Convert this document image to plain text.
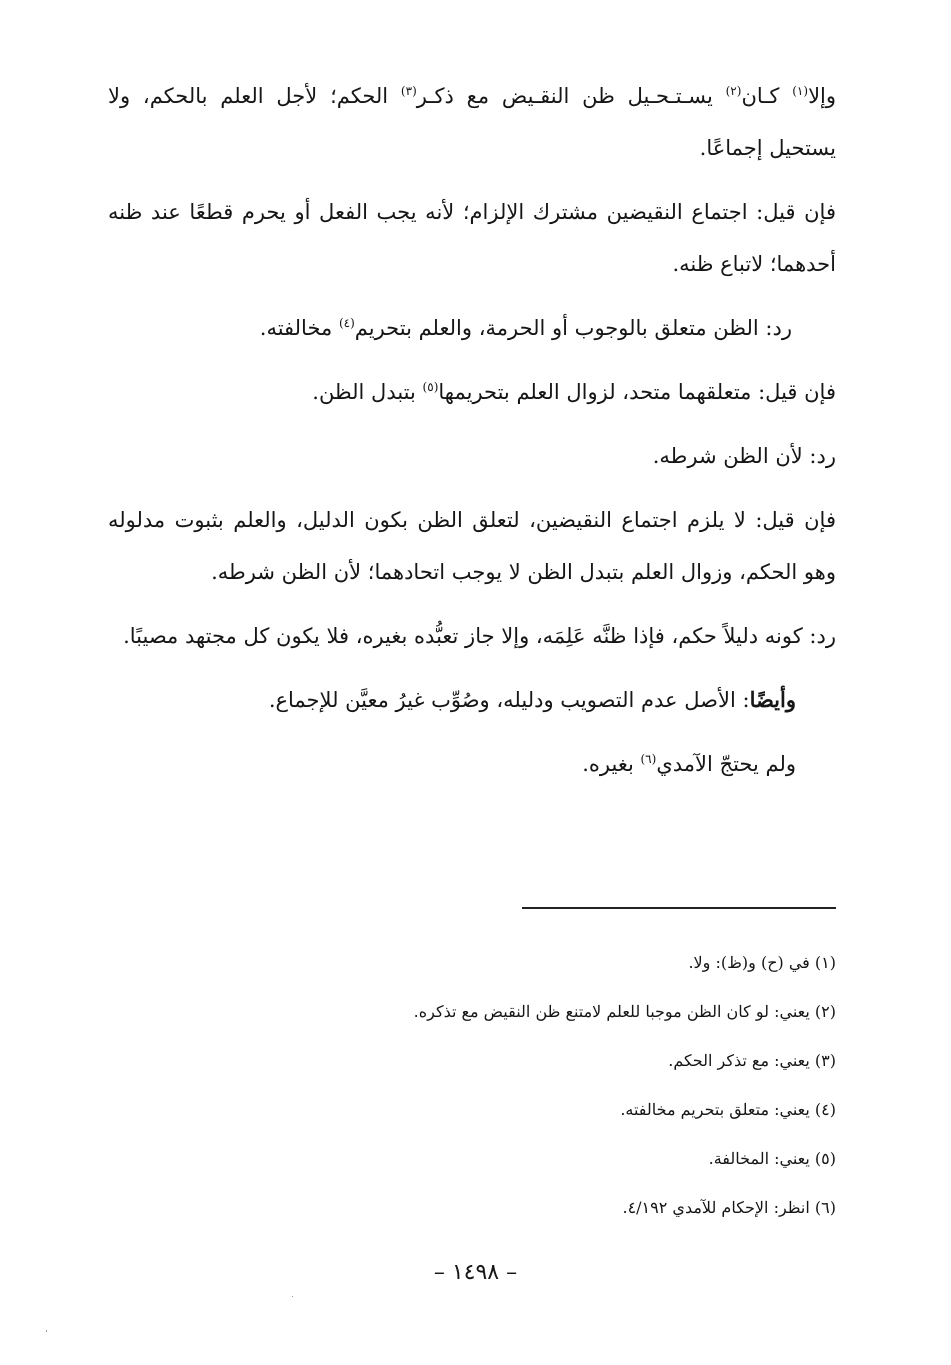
وإلا$^{(١)}$ كـان$^{(٢)}$ يسـتـحـيل ظن النقـيض مع ذكـر$^{(٣)}$ الحكم؛ لأجل العلم بالحكم، ولا يستحيل إجماعًا.

فإن قيل: اجتماع النقيضين مشترك الإلزام؛ لأنه يجب الفعل أو يحرم قطعًا عند ظنه أحدهما؛ لاتباع ظنه.

رد: الظن متعلق بالوجوب أو الحرمة، والعلم بتحريم$^{(٤)}$ مخالفته.

فإن قيل: متعلقهما متحد، لزوال العلم بتحريمها$^{(٥)}$ بتبدل الظن.

رد: لأن الظن شرطه.

فإن قيل: لا يلزم اجتماع النقيضين، لتعلق الظن بكون الدليل، والعلم بثبوت مدلوله وهو الحكم، وزوال العلم بتبدل الظن لا يوجب اتحادهما؛ لأن الظن شرطه.

رد: كونه دليلاً حكم، فإذا ظنَّه عَلِمَه، وإلا جاز تعبُّده بغيره، فلا يكون كل مجتهد مصيبًا.

وأيضًا: الأصل عدم التصويب ودليله، وصُوِّب غيرُ معيَّن للإجماع.

ولم يحتجّ الآمدي$^{(٦)}$ بغيره.

(١) في (ح) و(ظ): ولا.
(٢) يعني: لو كان الظن موجبا للعلم لامتنع ظن النقيض مع تذكره.
(٣) يعني: مع تذكر الحكم.
(٤) يعني: متعلق بتحريم مخالفته.
(٥) يعني: المخالفة.
(٦) انظر: الإحكام للآمدي ٤/١٩٢.
– ١٤٩٨ –
